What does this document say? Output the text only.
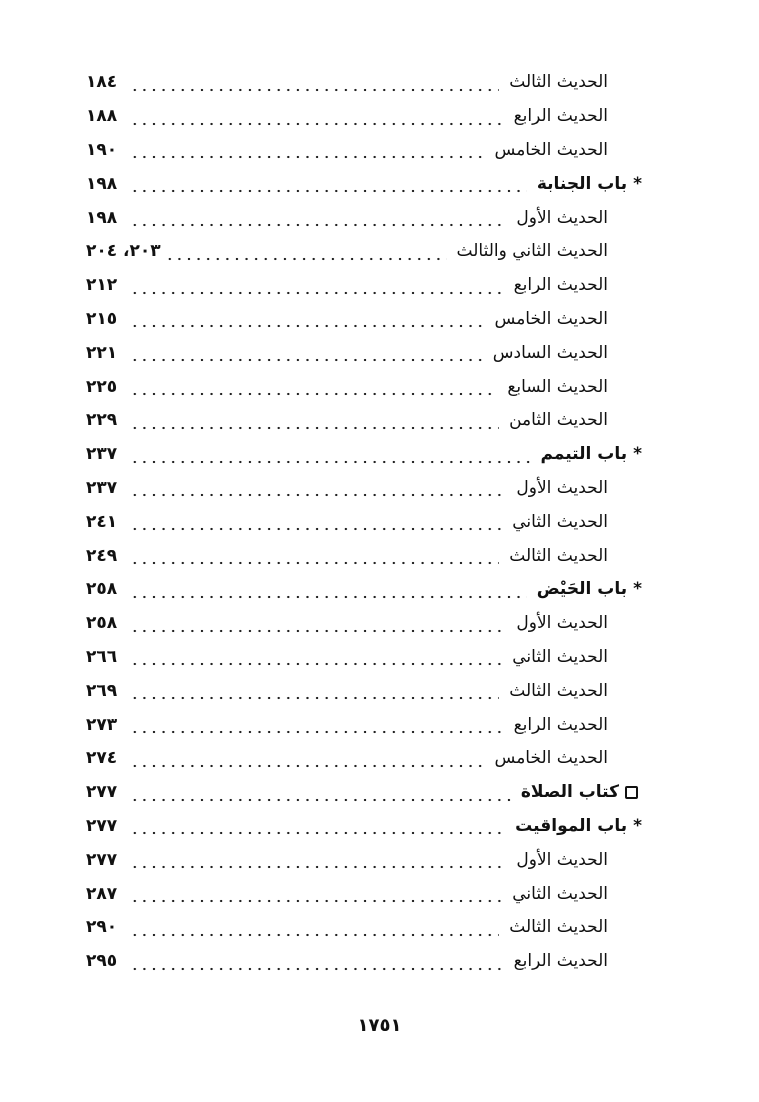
الحديث الثالث
١٨٤
الحديث الرابع
١٨٨
الحديث الخامس
١٩٠
*باب الجنابة
١٩٨
الحديث الأول
١٩٨
الحديث الثاني والثالث
٢٠٣، ٢٠٤
الحديث الرابع
٢١٢
الحديث الخامس
٢١٥
الحديث السادس
٢٢١
الحديث السابع
٢٢٥
الحديث الثامن
٢٢٩
*باب التيمم
٢٣٧
الحديث الأول
٢٣٧
الحديث الثاني
٢٤١
الحديث الثالث
٢٤٩
*باب الحَيْض
٢٥٨
الحديث الأول
٢٥٨
الحديث الثاني
٢٦٦
الحديث الثالث
٢٦٩
الحديث الرابع
٢٧٣
الحديث الخامس
٢٧٤
كتاب الصلاة
٢٧٧
*باب المواقيت
٢٧٧
الحديث الأول
٢٧٧
الحديث الثاني
٢٨٧
الحديث الثالث
٢٩٠
الحديث الرابع
٢٩٥
١٧٥١
